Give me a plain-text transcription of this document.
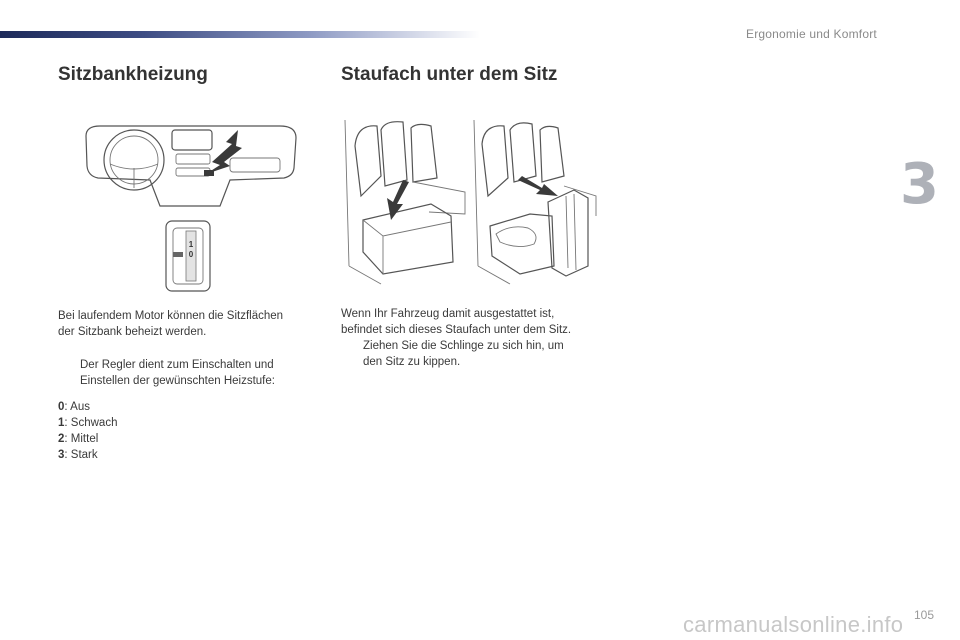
Ergonomie und Komfort
3
Sitzbankheizung
1
0

Bei laufendem Motor können die Sitzflächen
der Sitzbank beheizt werden.

Der Regler dient zum Einschalten und
Einstellen der gewünschten Heizstufe:
0: Aus
1: Schwach
2: Mittel
3: Stark
Staufach unter dem Sitz

Wenn Ihr Fahrzeug damit ausgestattet ist,
befindet sich dieses Staufach unter dem Sitz.

Ziehen Sie die Schlinge zu sich hin, um
den Sitz zu kippen.
carmanualsonline.info 105
